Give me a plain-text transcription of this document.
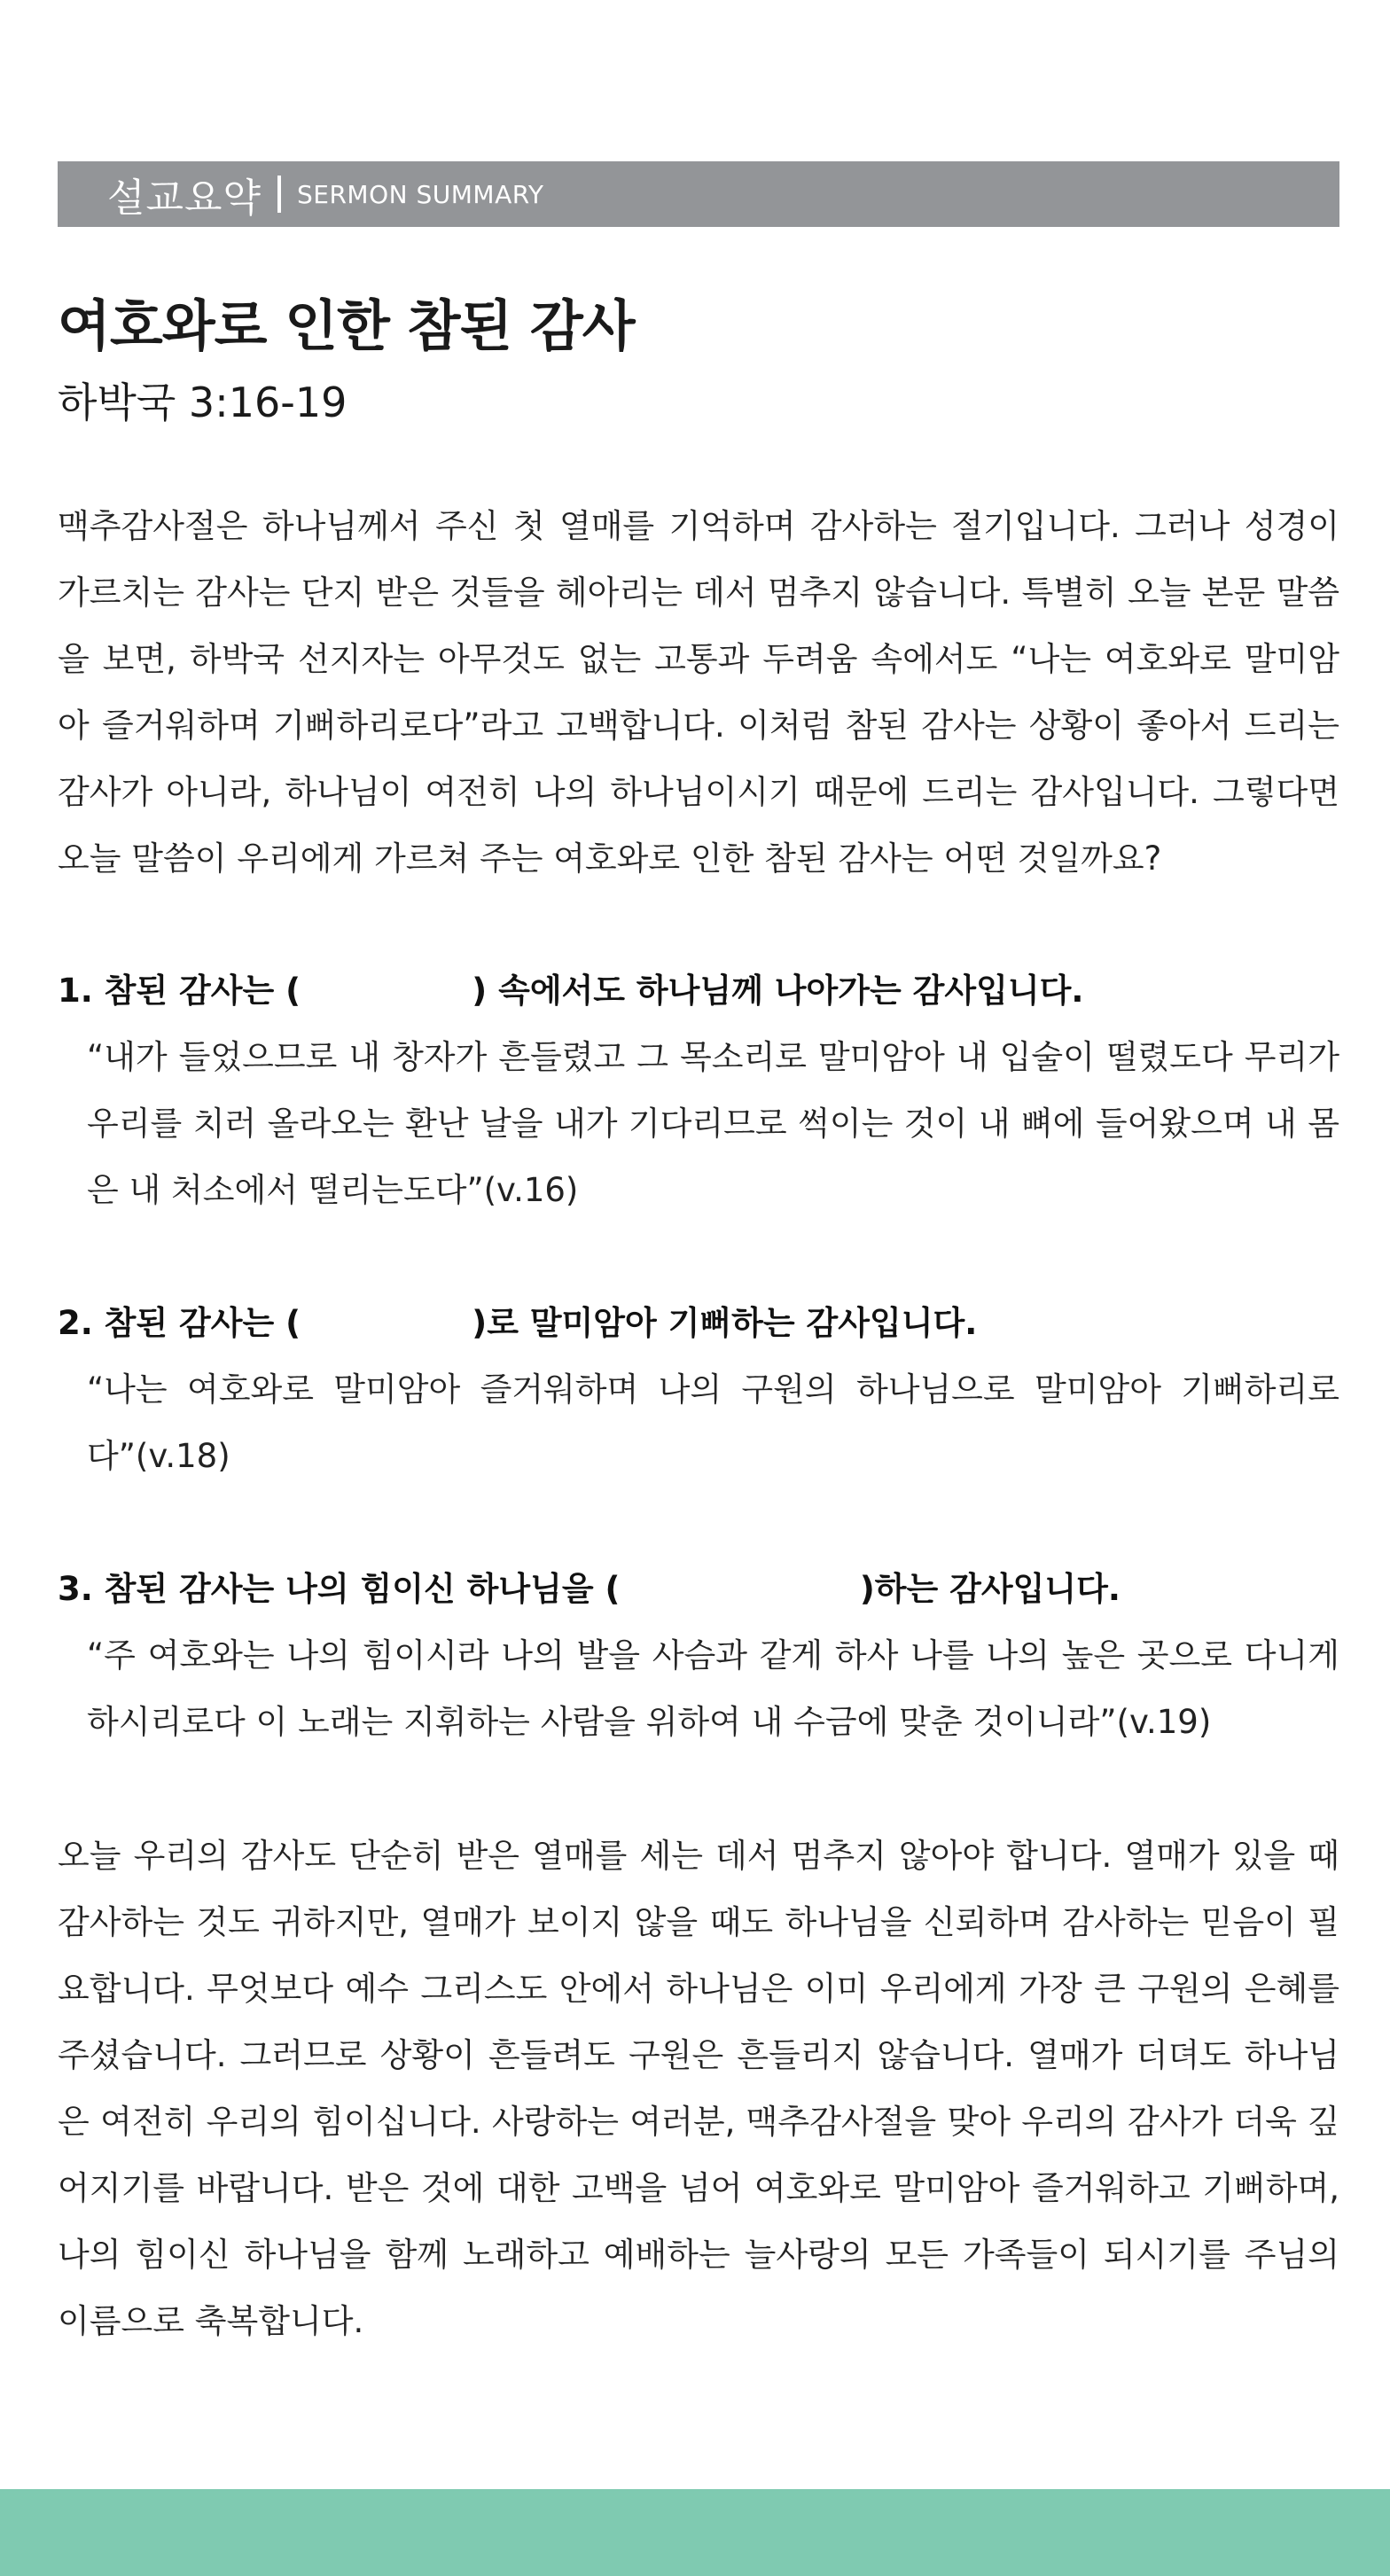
설교요약 SERMON SUMMARY
여호와로 인한 참된 감사
하박국 3:16-19
맥추감사절은 하나님께서 주신 첫 열매를 기억하며 감사하는 절기입니다. 그러나 성경이 가르치는 감사는 단지 받은 것들을 헤아리는 데서 멈추지 않습니다. 특별히 오늘 본문 말씀을 보면, 하박국 선지자는 아무것도 없는 고통과 두려움 속에서도 “나는 여호와로 말미암아 즐거워하며 기뻐하리로다”라고 고백합니다. 이처럼 참된 감사는 상황이 좋아서 드리는 감사가 아니라, 하나님이 여전히 나의 하나님이시기 때문에 드리는 감사입니다. 그렇다면 오늘 말씀이 우리에게 가르쳐 주는 여호와로 인한 참된 감사는 어떤 것일까요?
1. 참된 감사는 (               ) 속에서도 하나님께 나아가는 감사입니다.
“내가 들었으므로 내 창자가 흔들렸고 그 목소리로 말미암아 내 입술이 떨렸도다 무리가 우리를 치러 올라오는 환난 날을 내가 기다리므로 썩이는 것이 내 뼈에 들어왔으며 내 몸은 내 처소에서 떨리는도다”(v.16)
2. 참된 감사는 (               )로 말미암아 기뻐하는 감사입니다.
“나는 여호와로 말미암아 즐거워하며 나의 구원의 하나님으로 말미암아 기뻐하리로다”(v.18)
3. 참된 감사는 나의 힘이신 하나님을 (                     )하는 감사입니다.
“주 여호와는 나의 힘이시라 나의 발을 사슴과 같게 하사 나를 나의 높은 곳으로 다니게 하시리로다 이 노래는 지휘하는 사람을 위하여 내 수금에 맞춘 것이니라”(v.19)
오늘 우리의 감사도 단순히 받은 열매를 세는 데서 멈추지 않아야 합니다. 열매가 있을 때 감사하는 것도 귀하지만, 열매가 보이지 않을 때도 하나님을 신뢰하며 감사하는 믿음이 필요합니다. 무엇보다 예수 그리스도 안에서 하나님은 이미 우리에게 가장 큰 구원의 은혜를 주셨습니다. 그러므로 상황이 흔들려도 구원은 흔들리지 않습니다. 열매가 더뎌도 하나님은 여전히 우리의 힘이십니다. 사랑하는 여러분, 맥추감사절을 맞아 우리의 감사가 더욱 깊어지기를 바랍니다. 받은 것에 대한 고백을 넘어 여호와로 말미암아 즐거워하고 기뻐하며, 나의 힘이신 하나님을 함께 노래하고 예배하는 늘사랑의 모든 가족들이 되시기를 주님의 이름으로 축복합니다.
